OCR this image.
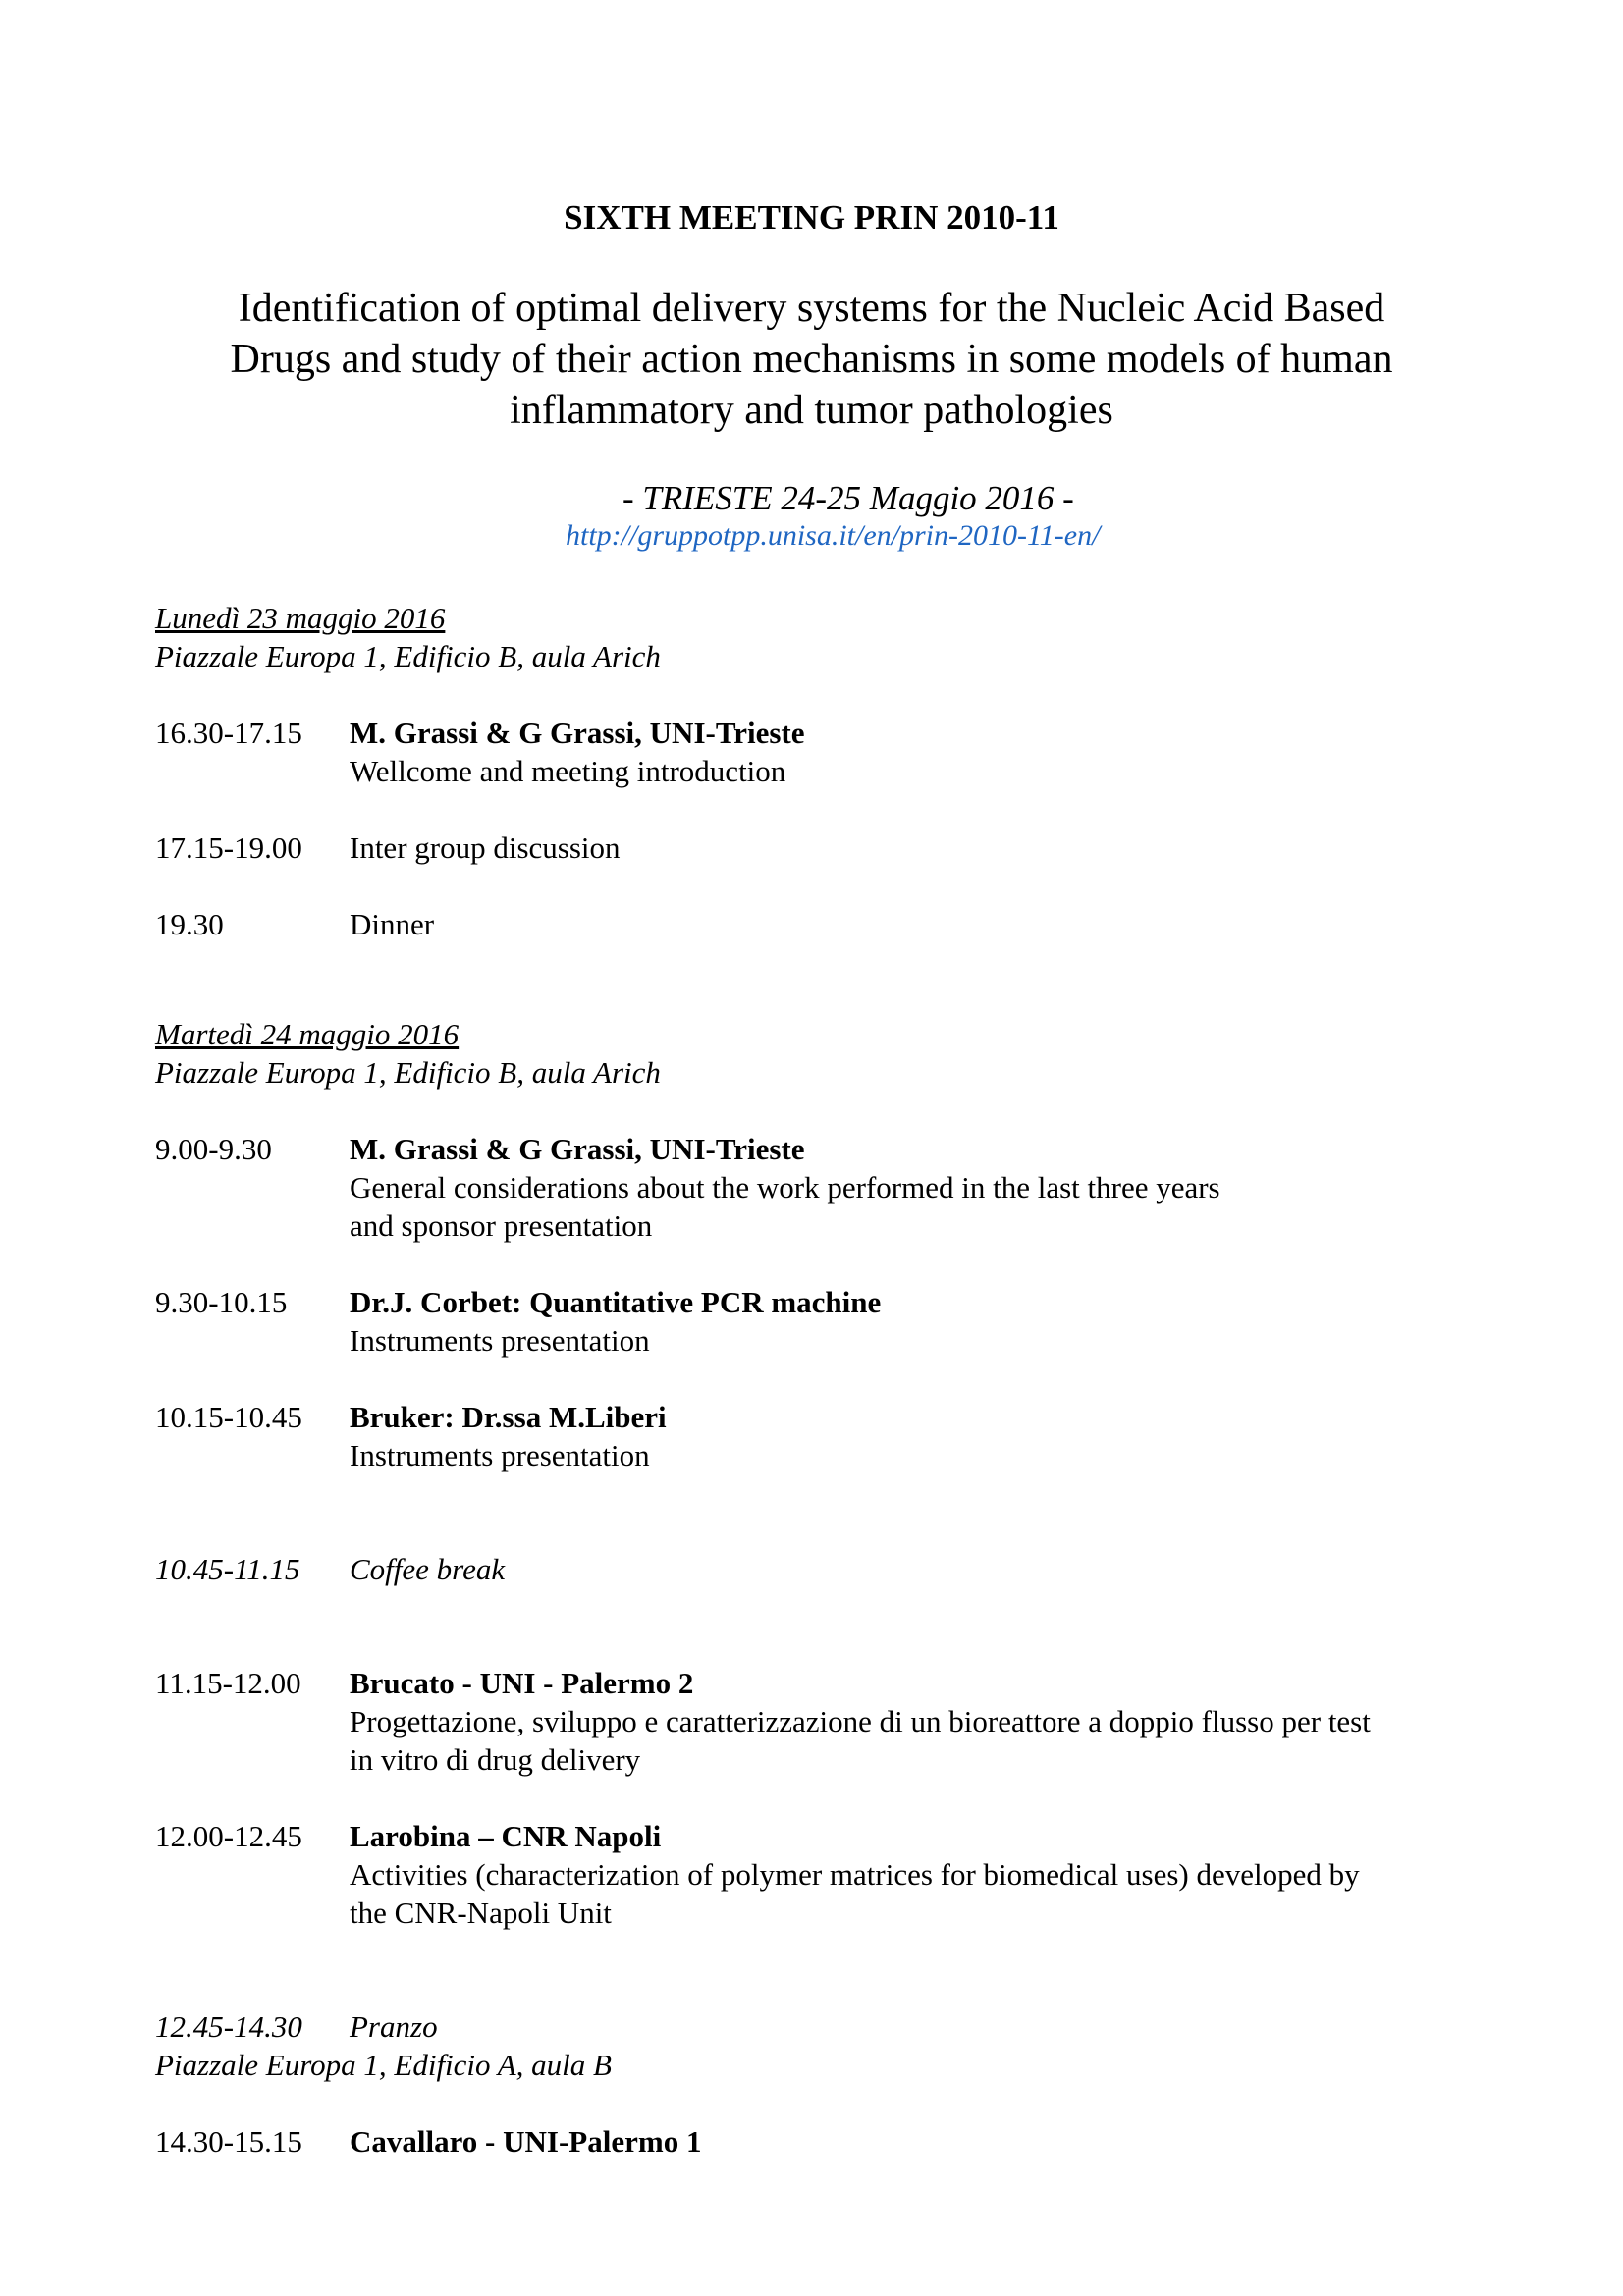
SIXTH MEETING PRIN 2010-11
Identification of optimal delivery systems for the Nucleic Acid Based
Drugs and study of their action mechanisms in some models of human
inflammatory and tumor pathologies
- TRIESTE 24-25 Maggio 2016 -
http://gruppotpp.unisa.it/en/prin-2010-11-en/
Lunedì 23 maggio 2016
Piazzale Europa 1, Edificio B, aula Arich
16.30-17.15 M. Grassi & G Grassi, UNI-Trieste
Wellcome and meeting introduction
17.15-19.00 Inter group discussion
19.30	Dinner
Martedì 24 maggio 2016
Piazzale Europa 1, Edificio B, aula Arich
9.00-9.30	M. Grassi & G Grassi, UNI-Trieste
General considerations about the work performed in the last three years
and sponsor presentation
9.30-10.15 Dr.J. Corbet: Quantitative PCR machine
Instruments presentation
10.15-10.45 Bruker: Dr.ssa M.Liberi
Instruments presentation
10.45-11.15 Coffee break
11.15-12.00 Brucato - UNI - Palermo 2
Progettazione, sviluppo e caratterizzazione di un bioreattore a doppio flusso per test
in vitro di drug delivery
12.00-12.45 Larobina – CNR Napoli
Activities (characterization of polymer matrices for biomedical uses) developed by
the CNR-Napoli Unit
12.45-14.30 Pranzo
Piazzale Europa 1, Edificio A, aula B
14.30-15.15 Cavallaro - UNI-Palermo 1
